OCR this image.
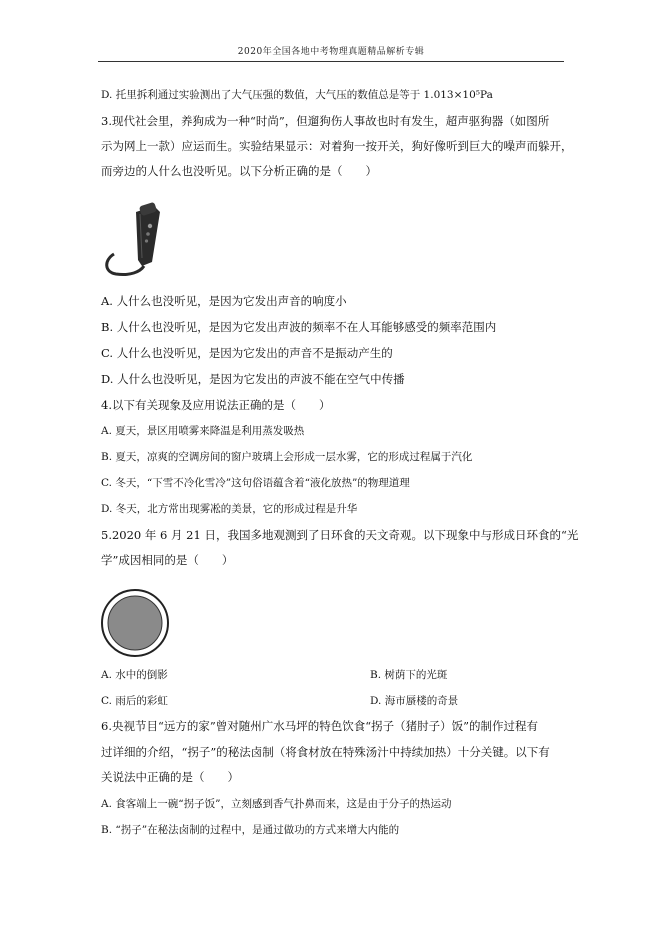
2020年全国各地中考物理真题精品解析专辑
D. 托里拆利通过实验测出了大气压强的数值，大气压的数值总是等于 1.013×10⁵Pa
3.现代社会里，养狗成为一种“时尚”，但遛狗伤人事故也时有发生，超声驱狗器（如图所
示为网上一款）应运而生。实验结果显示：对着狗一按开关，狗好像听到巨大的噪声而躲开，
而旁边的人什么也没听见。以下分析正确的是（　　）
A. 人什么也没听见，是因为它发出声音的响度小
B. 人什么也没听见，是因为它发出声波的频率不在人耳能够感受的频率范围内
C. 人什么也没听见，是因为它发出的声音不是振动产生的
D. 人什么也没听见，是因为它发出的声波不能在空气中传播
4.以下有关现象及应用说法正确的是（　　）
A. 夏天，景区用喷雾来降温是利用蒸发吸热
B. 夏天，凉爽的空调房间的窗户玻璃上会形成一层水雾，它的形成过程属于汽化
C. 冬天，“下雪不冷化雪冷”这句俗语蕴含着“液化放热”的物理道理
D. 冬天，北方常出现雾凇的美景，它的形成过程是升华
5.2020 年 6 月 21 日，我国多地观测到了日环食的天文奇观。以下现象中与形成日环食的“光
学”成因相同的是（　　）
A. 水中的倒影	B. 树荫下的光斑
C. 雨后的彩虹	D. 海市蜃楼的奇景
6.央视节目“远方的家”曾对随州广水马坪的特色饮食“拐子（猪肘子）饭”的制作过程有
过详细的介绍，“拐子”的秘法卤制（将食材放在特殊汤汁中持续加热）十分关键。以下有
关说法中正确的是（　　）
A. 食客端上一碗“拐子饭”，立刻感到香气扑鼻而来，这是由于分子的热运动
B. “拐子”在秘法卤制的过程中，是通过做功的方式来增大内能的
